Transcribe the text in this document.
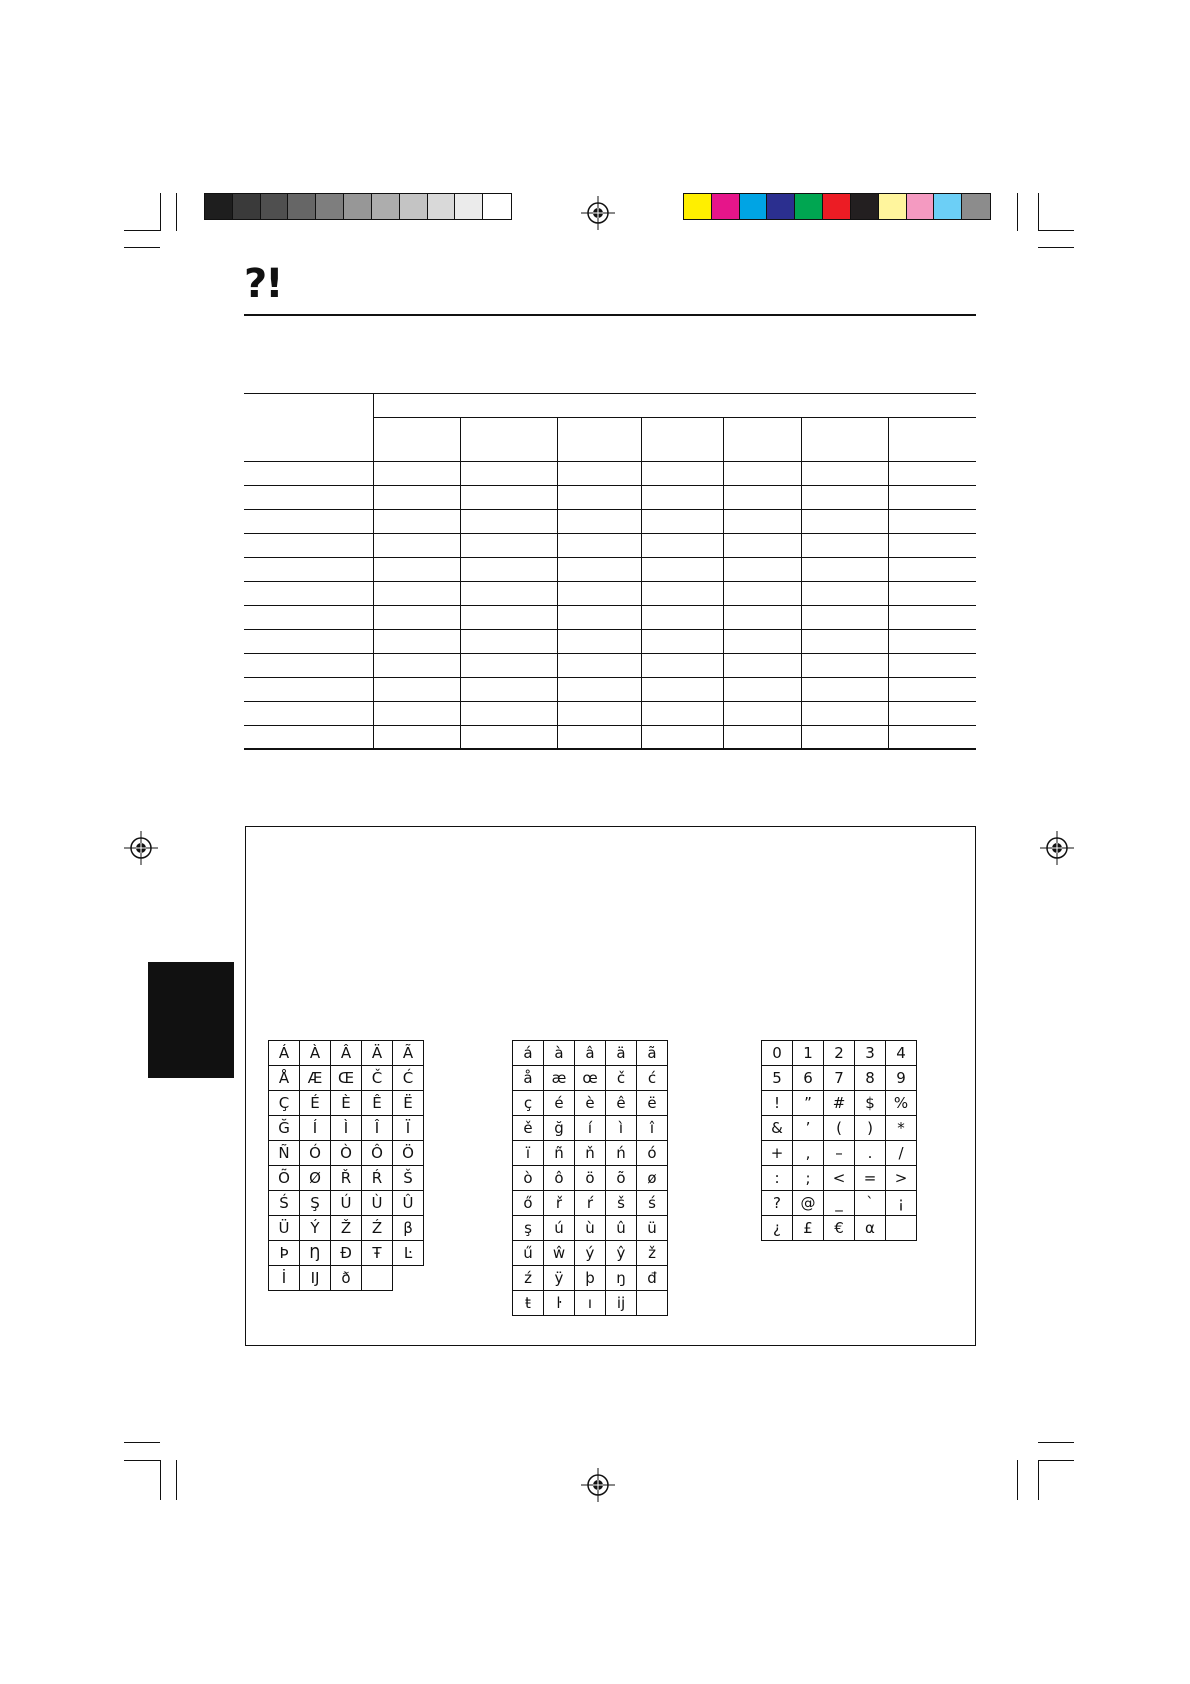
?!
Á	À	Â	Ä	Ã
Å	Æ	Œ	Č	Ć
Ç	É	È	Ê	Ë
Ğ	Í	Ì	Î	Ï
Ñ	Ó	Ò	Ô	Ö
Õ	Ø	Ř	Ŕ	Š
Ś	Ş	Ú	Ù	Û
Ü	Ý	Ž	Ź	β
Þ	Ŋ	Đ	Ŧ	Ŀ
İ	Ĳ	ð		
á	à	â	ä	ã
å	æ	œ	č	ć
ç	é	è	ê	ë
ě	ğ	í	ì	î
ï	ñ	ň	ń	ó
ò	ô	ö	õ	ø
ő	ř	ŕ	š	ś
ş	ú	ù	û	ü
ű	ŵ	ý	ŷ	ž
ź	ÿ	þ	ŋ	đ
ŧ	ŀ	ı	ĳ	
0	1	2	3	4
5	6	7	8	9
!	”	#	$	%
&	’	(	)	*
+	,	–	.	/
:	;	<	=	>
?	@	_	`	¡
¿	£	€	α	
